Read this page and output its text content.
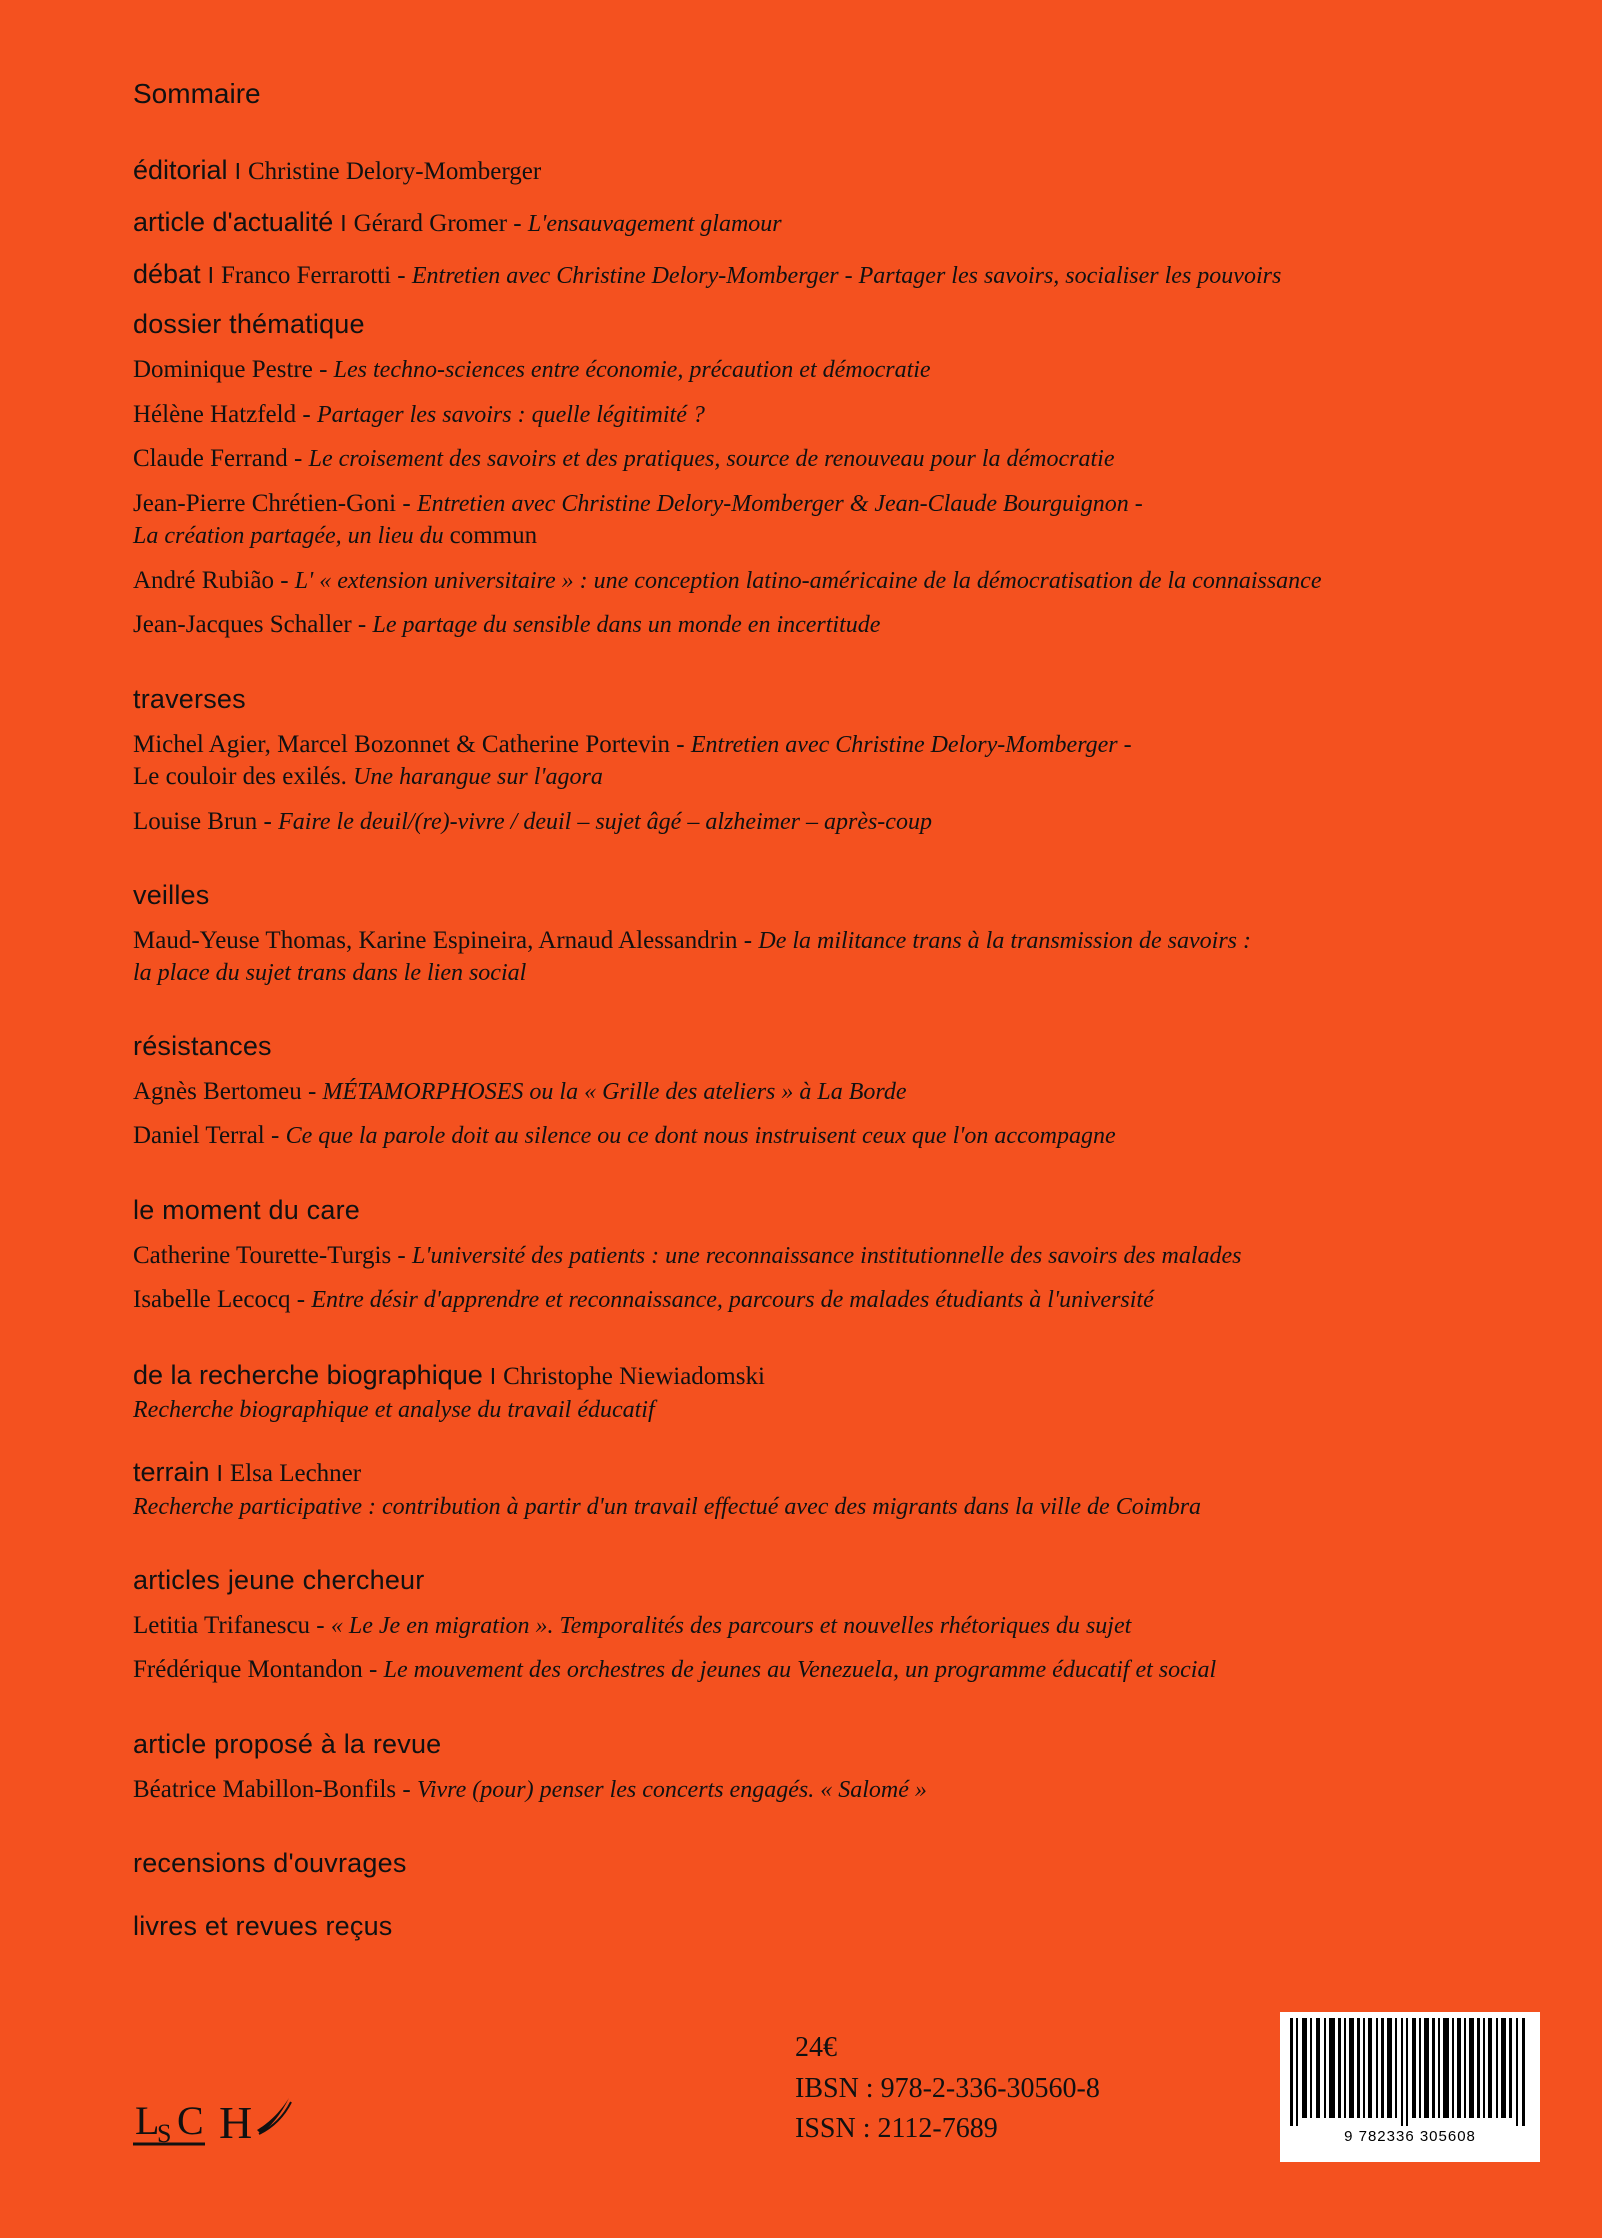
Sommaire
éditorial I Christine Delory-Momberger
article d'actualité I Gérard Gromer - L'ensauvagement glamour
débat I Franco Ferrarotti - Entretien avec Christine Delory-Momberger - Partager les savoirs, socialiser les pouvoirs
dossier thématique
Dominique Pestre - Les techno-sciences entre économie, précaution et démocratie
Hélène Hatzfeld - Partager les savoirs : quelle légitimité ?
Claude Ferrand - Le croisement des savoirs et des pratiques, source de renouveau pour la démocratie
Jean-Pierre Chrétien-Goni - Entretien avec Christine Delory-Momberger & Jean-Claude Bourguignon -
La création partagée, un lieu du commun
André Rubião - L' « extension universitaire » : une conception latino-américaine de la démocratisation de la connaissance
Jean-Jacques Schaller - Le partage du sensible dans un monde en incertitude
traverses
Michel Agier, Marcel Bozonnet & Catherine Portevin - Entretien avec Christine Delory-Momberger -
Le couloir des exilés. Une harangue sur l'agora
Louise Brun - Faire le deuil/(re)-vivre / deuil – sujet âgé – alzheimer – après-coup
veilles
Maud-Yeuse Thomas, Karine Espineira, Arnaud Alessandrin - De la militance trans à la transmission de savoirs :
la place du sujet trans dans le lien social
résistances
Agnès Bertomeu - MÉTAMORPHOSES ou la « Grille des ateliers » à La Borde
Daniel Terral - Ce que la parole doit au silence ou ce dont nous instruisent ceux que l'on accompagne
le moment du care
Catherine Tourette-Turgis - L'université des patients : une reconnaissance institutionnelle des savoirs des malades
Isabelle Lecocq - Entre désir d'apprendre et reconnaissance, parcours de malades étudiants à l'université
de la recherche biographique I Christophe Niewiadomski
Recherche biographique et analyse du travail éducatif
terrain I Elsa Lechner
Recherche participative : contribution à partir d'un travail effectué avec des migrants dans la ville de Coimbra
articles jeune chercheur
Letitia Trifanescu - « Le Je en migration ». Temporalités des parcours et nouvelles rhétoriques du sujet
Frédérique Montandon - Le mouvement des orchestres de jeunes au Venezuela, un programme éducatif et social
article proposé à la revue
Béatrice Mabillon-Bonfils - Vivre (pour) penser les concerts engagés. « Salomé »
recensions d'ouvrages
livres et revues reçus
L
S C H
24€
IBSN : 978-2-336-30560-8
ISSN : 2112-7689	9 782336 305608
